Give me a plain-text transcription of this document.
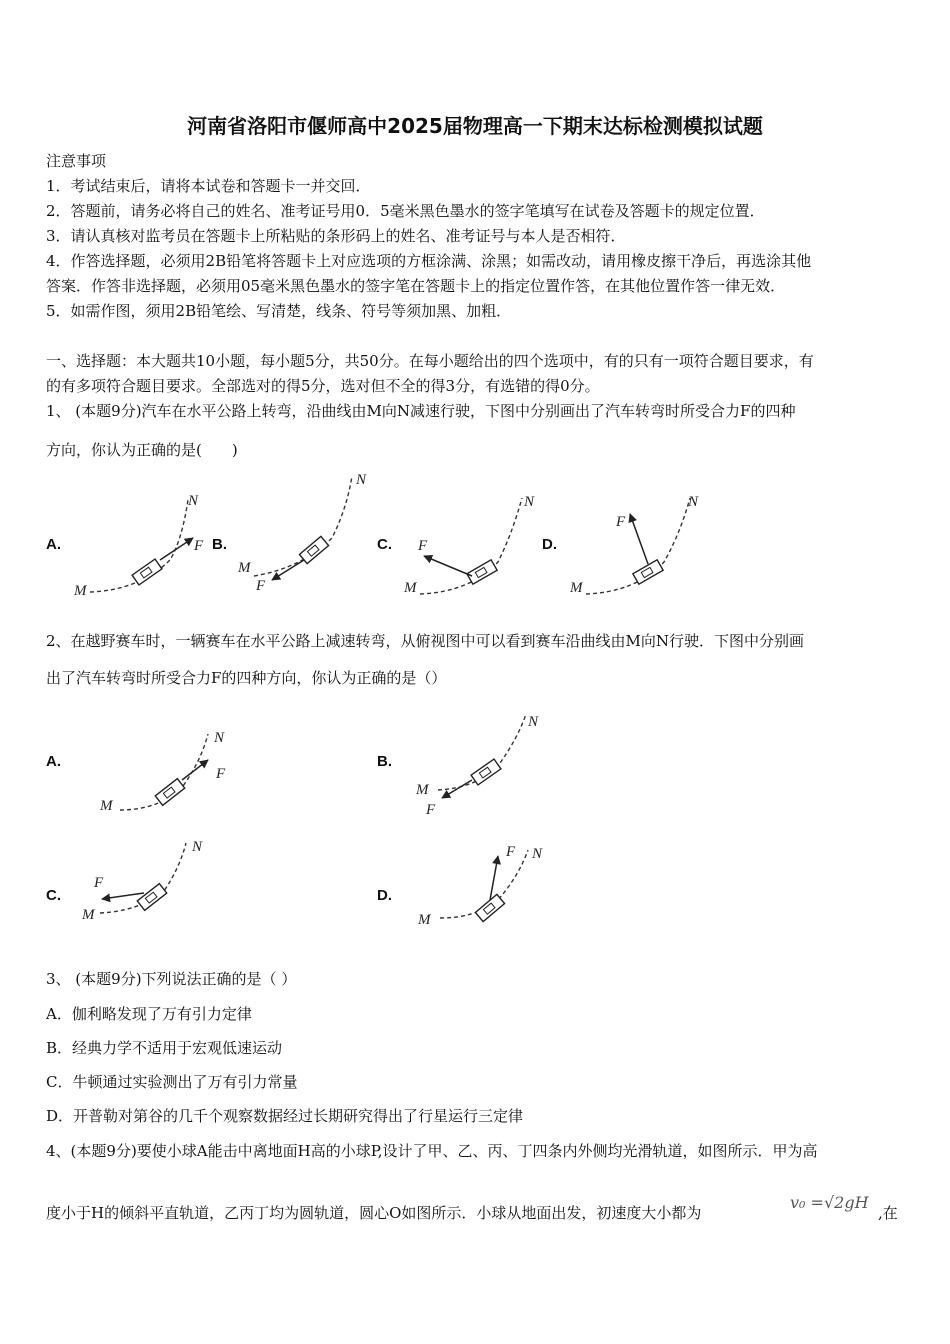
河南省洛阳市偃师高中2025届物理高一下期末达标检测模拟试题
注意事项
1．考试结束后，请将本试卷和答题卡一并交回．
2．答题前，请务必将自己的姓名、准考证号用0．5毫米黑色墨水的签字笔填写在试卷及答题卡的规定位置．
3．请认真核对监考员在答题卡上所粘贴的条形码上的姓名、准考证号与本人是否相符．
4．作答选择题，必须用2B铅笔将答题卡上对应选项的方框涂满、涂黑；如需改动，请用橡皮擦干净后，再选涂其他
答案．作答非选择题，必须用05毫米黑色墨水的签字笔在答题卡上的指定位置作答，在其他位置作答一律无效．
5．如需作图，须用2B铅笔绘、写清楚，线条、符号等须加黑、加粗．
一、选择题：本大题共10小题，每小题5分，共50分。在每小题给出的四个选项中，有的只有一项符合题目要求，有
的有多项符合题目要求。全部选对的得5分，选对但不全的得3分，有选错的得0分。
1、 (本题9分)汽车在水平公路上转弯，沿曲线由M向N减速行驶，下图中分别画出了汽车转弯时所受合力F的四种
方向，你认为正确的是(　　)
A.	B.	C.	D.
M
N
F
M
N
F	M
N
F
M
N
F
2、在越野赛车时，一辆赛车在水平公路上减速转弯，从俯视图中可以看到赛车沿曲线由M向N行驶．下图中分别画
出了汽车转弯时所受合力F的四种方向，你认为正确的是（）
A.	B.
C.	D.
M
N
F
M
N
F
M
N
F
M
N
F
3、 (本题9分)下列说法正确的是（ ）
A．伽利略发现了万有引力定律
B．经典力学不适用于宏观低速运动
C．牛顿通过实验测出了万有引力常量
D．开普勒对第谷的几千个观察数据经过长期研究得出了行星运行三定律
4、(本题9分)要使小球A能击中离地面H高的小球P,设计了甲、乙、丙、丁四条内外侧均光滑轨道，如图所示．甲为高
度小于H的倾斜平直轨道，乙丙丁均为圆轨道，圆心O如图所示．小球从地面出发，初速度大小都为
v₀ =√2gH
,在
